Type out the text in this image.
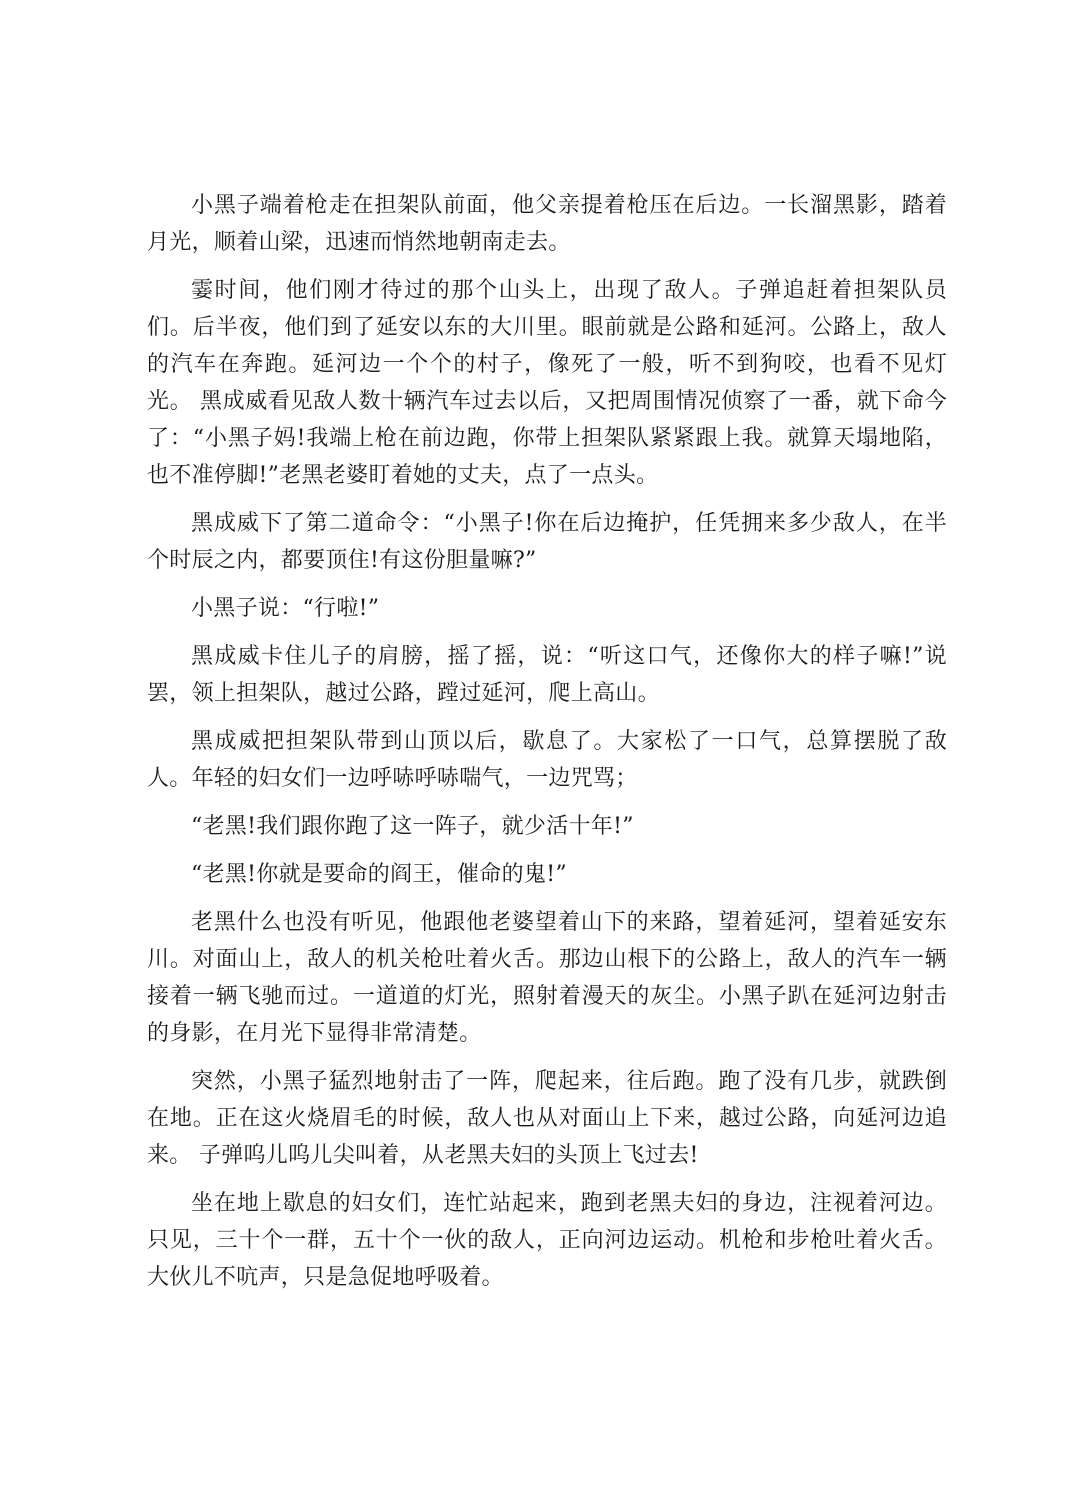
小黑子端着枪走在担架队前面，他父亲提着枪压在后边。一长溜黑影，踏着月光，顺着山梁，迅速而悄然地朝南走去。

霎时间，他们刚才待过的那个山头上，出现了敌人。子弹追赶着担架队员们。后半夜，他们到了延安以东的大川里。眼前就是公路和延河。公路上，敌人的汽车在奔跑。延河边一个个的村子，像死了一般，听不到狗咬，也看不见灯光。 黑成威看见敌人数十辆汽车过去以后，又把周围情况侦察了一番，就下命今了：“小黑子妈!我端上枪在前边跑，你带上担架队紧紧跟上我。就算天塌地陷，也不准停脚!”老黑老婆盯着她的丈夫，点了一点头。

黑成威下了第二道命令：“小黑子!你在后边掩护，任凭拥来多少敌人，在半个时辰之内，都要顶住!有这份胆量嘛?”

小黑子说：“行啦!”

黑成威卡住儿子的肩膀，摇了摇，说：“听这口气，还像你大的样子嘛!”说罢，领上担架队，越过公路，蹚过延河，爬上高山。

黑成威把担架队带到山顶以后，歇息了。大家松了一口气，总算摆脱了敌人。年轻的妇女们一边呼哧呼哧喘气，一边咒骂；

“老黑!我们跟你跑了这一阵子，就少活十年!”

“老黑!你就是要命的阎王，催命的鬼!”

老黑什么也没有听见，他跟他老婆望着山下的来路，望着延河，望着延安东川。对面山上，敌人的机关枪吐着火舌。那边山根下的公路上，敌人的汽车一辆接着一辆飞驰而过。一道道的灯光，照射着漫天的灰尘。小黑子趴在延河边射击的身影，在月光下显得非常清楚。

突然，小黑子猛烈地射击了一阵，爬起来，往后跑。跑了没有几步，就跌倒在地。正在这火烧眉毛的时候，敌人也从对面山上下来，越过公路，向延河边追来。 子弹呜儿呜儿尖叫着，从老黑夫妇的头顶上飞过去!

坐在地上歇息的妇女们，连忙站起来，跑到老黑夫妇的身边，注视着河边。只见，三十个一群，五十个一伙的敌人，正向河边运动。机枪和步枪吐着火舌。大伙儿不吭声，只是急促地呼吸着。
